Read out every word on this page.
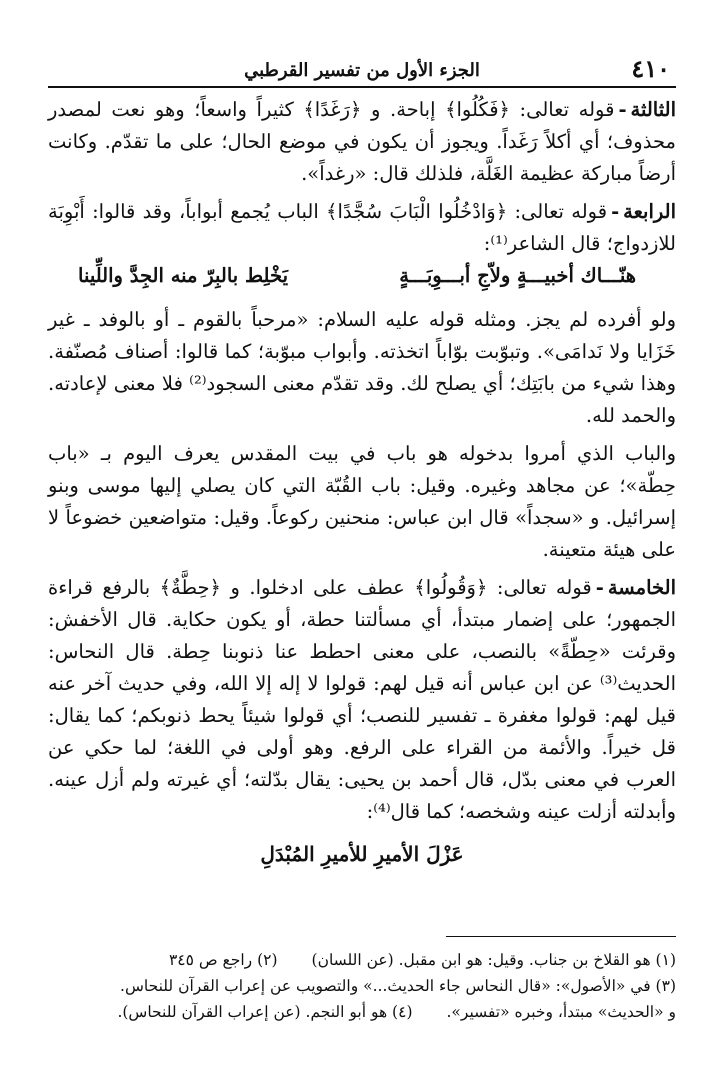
٤١٠
الجزء الأول من تفسير القرطبي

الثالثة-قوله تعالى: ﴿فَكُلُوا﴾ إباحة. و ﴿رَغَدًا﴾ كثيراً واسعاً؛ وهو نعت لمصدر محذوف؛ أي أكلاً رَغَداً. ويجوز أن يكون في موضع الحال؛ على ما تقدّم. وكانت أرضاً مباركة عظيمة الغَلَّة، فلذلك قال: «رغداً».

الرابعة-قوله تعالى: ﴿وَادْخُلُوا الْبَابَ سُجَّدًا﴾ الباب يُجمع أبواباً، وقد قالوا: أَبْوِبَة للازدواج؛ قال الشاعر⁽¹⁾:

هنّـــاك أخبيـــةٍ ولاّجِ أبـــوِبَـــةٍ
يَخْلِط بالبِرّ منه الجِدَّ واللِّينا

ولو أفرده لم يجز. ومثله قوله عليه السلام: «مرحباً بالقوم ـ أو بالوفد ـ غير خَزَايا ولا نَدامَى». وتبوّبت بوّاباً اتخذته. وأبواب مبوّبة؛ كما قالوا: أصناف مُصنّفة. وهذا شيء من بابَتِك؛ أي يصلح لك. وقد تقدّم معنى السجود⁽²⁾ فلا معنى لإعادته. والحمد لله.

والباب الذي أمروا بدخوله هو باب في بيت المقدس يعرف اليوم بـ «باب حِطّة»؛ عن مجاهد وغيره. وقيل: باب القُبّة التي كان يصلي إليها موسى وبنو إسرائيل. و «سجداً» قال ابن عباس: منحنين ركوعاً. وقيل: متواضعين خضوعاً لا على هيئة متعينة.

الخامسة-قوله تعالى: ﴿وَقُولُوا﴾ عطف على ادخلوا. و ﴿حِطَّةٌ﴾ بالرفع قراءة الجمهور؛ على إضمار مبتدأ، أي مسألتنا حطة، أو يكون حكاية. قال الأخفش: وقرئت «حِطّةً» بالنصب، على معنى احطط عنا ذنوبنا حِطة. قال النحاس: الحديث⁽³⁾ عن ابن عباس أنه قيل لهم: قولوا لا إله إلا الله، وفي حديث آخر عنه قيل لهم: قولوا مغفرة ـ تفسير للنصب؛ أي قولوا شيئاً يحط ذنوبكم؛ كما يقال: قل خيراً. والأئمة من القراء على الرفع. وهو أولى في اللغة؛ لما حكي عن العرب في معنى بدّل، قال أحمد بن يحيى: يقال بدّلته؛ أي غيرته ولم أزل عينه. وأبدلته أزلت عينه وشخصه؛ كما قال⁽⁴⁾:

عَزْلَ الأميرِ للأميرِ المُبْدَلِ
(١) هو القلاخ بن جناب. وقيل: هو ابن مقبل. (عن اللسان)(٢) راجع ص ٣٤٥
(٣) في «الأصول»: «قال النحاس جاء الحديث...» والتصويب عن إعراب القرآن للنحاس.
و «الحديث» مبتدأ، وخبره «تفسير».(٤) هو أبو النجم. (عن إعراب القرآن للنحاس).
